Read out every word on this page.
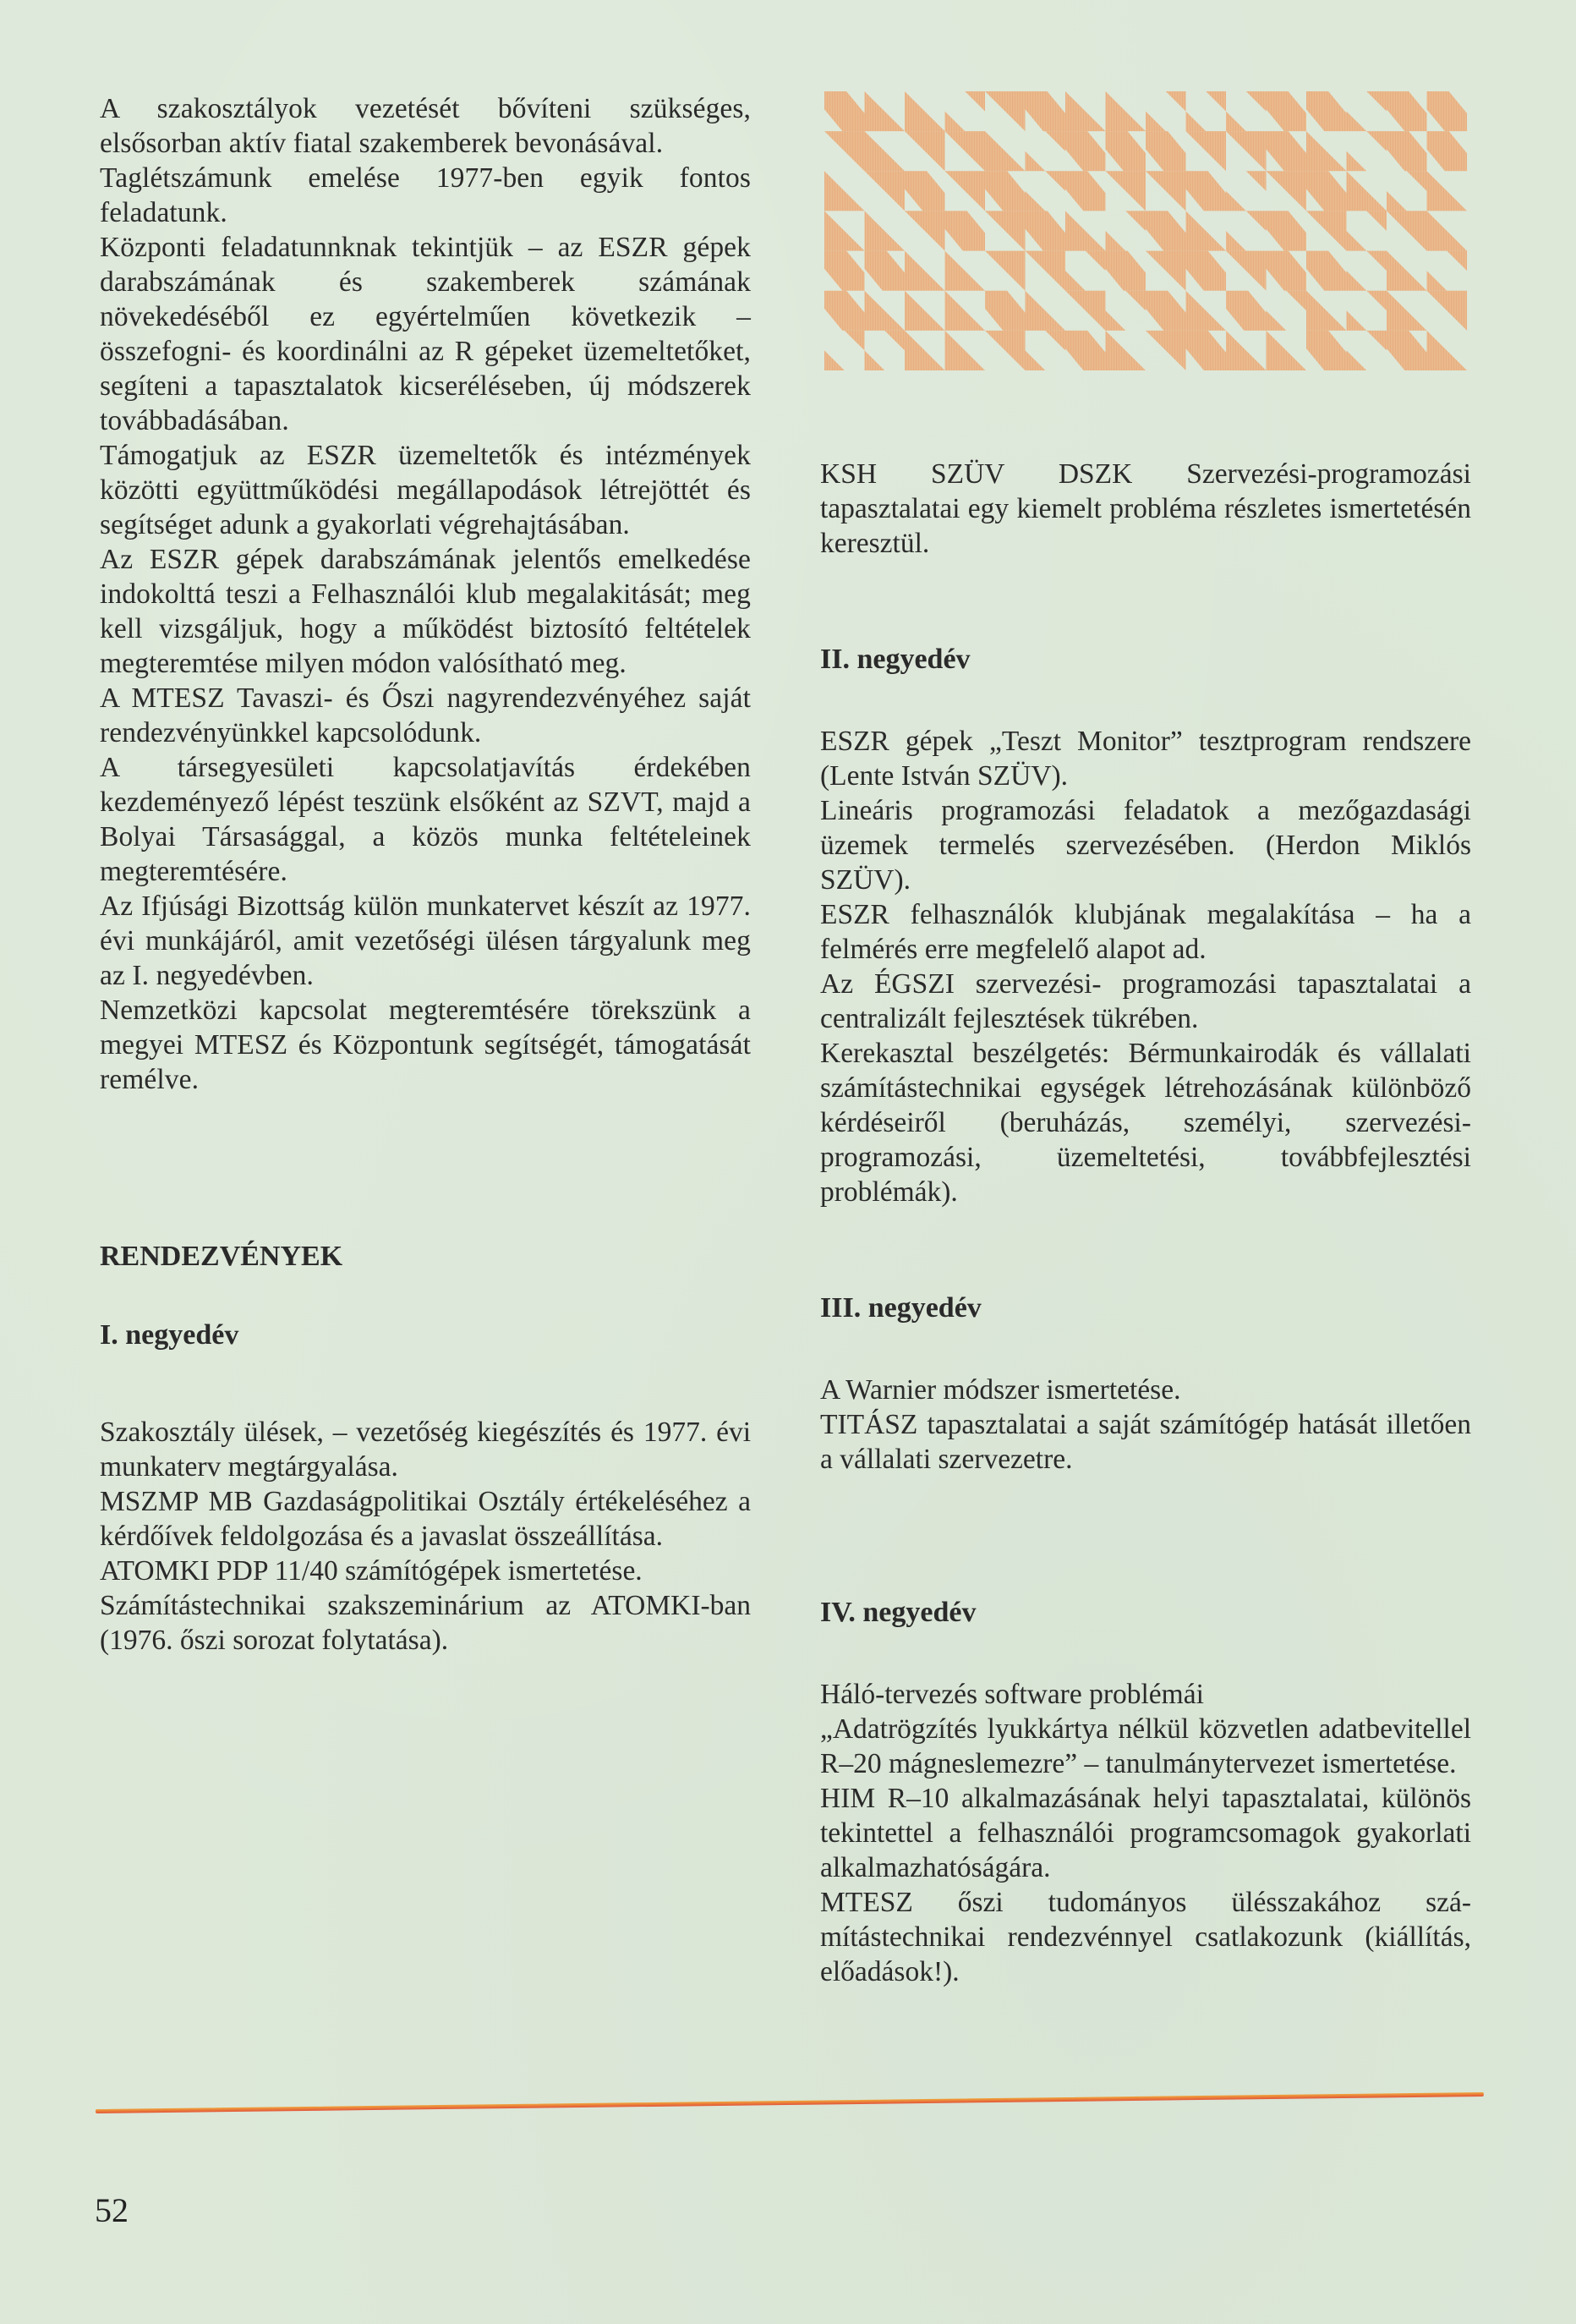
A szakosztályok vezetését bővíteni szükséges, elsősorban aktív fiatal szakemberek bevonásával.

Taglétszámunk emelése 1977-ben egyik fontos feladatunk.

Központi feladatunnknak tekintjük – az ESZR gépek darabszámának és szakemberek számának növekedéséből ez egyértelműen következik – összefogni- és koordinálni az R gépeket üzemeltetőket, segíteni a tapasztalatok kicseréléseben, új módszerek továbbadásában.

Támogatjuk az ESZR üzemeltetők és intézmények közötti együttműködési megállapodások létrejöttét és segítséget adunk a gyakorlati végrehajtásában.

Az ESZR gépek darabszámának jelentős emelkedése indokolttá teszi a Felhasználói klub megalakitását; meg kell vizsgáljuk, hogy a működést biztosító feltételek megteremtése milyen módon valósítható meg.

A MTESZ Tavaszi- és Őszi nagyrendezvényéhez saját rendezvényünkkel kapcsolódunk.

A társegyesületi kapcsolatjavítás érdekében kezdeményező lépést teszünk elsőként az SZVT, majd a Bolyai Társasággal, a közös munka feltételeinek megteremtésére.

Az Ifjúsági Bizottság külön munkatervet készít az 1977. évi munkájáról, amit vezetőségi ülésen tárgyalunk meg az I. negyedévben.

Nemzetközi kapcsolat megteremtésére törekszünk a megyei MTESZ és Központunk segítségét, támogatását remélve.

RENDEZVÉNYEK
I. negyedév

Szakosztály ülések, – vezetőség kiegészítés és 1977. évi munkaterv megtárgyalása.

MSZMP MB Gazdaságpolitikai Osztály értékeléséhez a kérdőívek feldolgozása és a javaslat összeállítása.

ATOMKI PDP 11/40 számítógépek ismertetése.

Számítástechnikai szakszeminárium az ATOMKI-ban (1976. őszi sorozat folytatása).

KSH SZÜV DSZK Szervezési-programozási tapasztalatai egy kiemelt probléma részletes ismertetésén keresztül.

II. negyedév

ESZR gépek „Teszt Monitor” tesztprogram rendszere (Lente István SZÜV).

Lineáris programozási feladatok a mezőgazdasági üzemek termelés szervezésében. (Herdon Miklós SZÜV).

ESZR felhasználók klubjának megalakítása – ha a felmérés erre megfelelő alapot ad.

Az ÉGSZI szervezési- programozási tapasztalatai a centralizált fejlesztések tükrében.

Kerekasztal beszélgetés: Bérmunkairodák és vállalati számítástechnikai egységek létrehozásának különböző kérdéseiről (beruházás, személyi, szervezési-programozási, üzemeltetési, továbbfejlesztési problémák).

III. negyedév

A Warnier módszer ismertetése.

TITÁSZ tapasztalatai a saját számítógép hatását illetően a vállalati szervezetre.

IV. negyedév

Háló-tervezés software problémái

„Adatrögzítés lyukkártya nélkül közvetlen adatbevitellel R–20 mágneslemezre” – tanulmánytervezet ismertetése.

HIM R–10 alkalmazásának helyi tapasztalatai, különös tekintettel a felhasználói programcsomagok gyakorlati alkalmazhatóságára.

MTESZ őszi tudományos ülésszakához számítástechnikai rendezvénnyel csatlakozunk (kiállítás, előadások!).

52
